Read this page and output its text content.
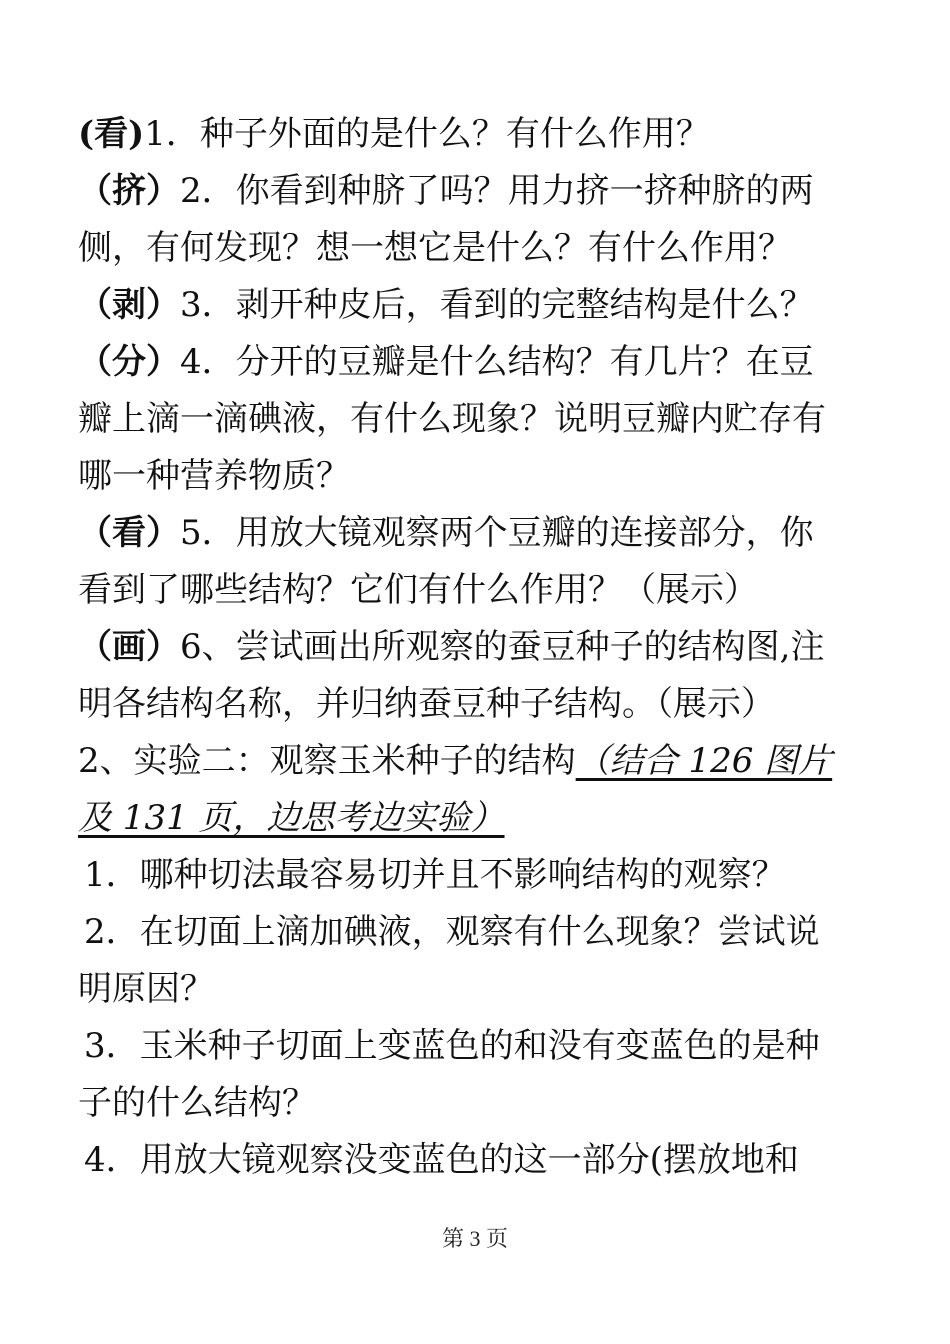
(看)1．种子外面的是什么？有什么作用？
（挤）2．你看到种脐了吗？用力挤一挤种脐的两
侧，有何发现？想一想它是什么？有什么作用？
（剥）3．剥开种皮后，看到的完整结构是什么？
（分）4．分开的豆瓣是什么结构？有几片？在豆
瓣上滴一滴碘液，有什么现象？说明豆瓣内贮存有
哪一种营养物质？
（看）5．用放大镜观察两个豆瓣的连接部分，你
看到了哪些结构？它们有什么作用？（展示）
（画）6、尝试画出所观察的蚕豆种子的结构图,注
明各结构名称，并归纳蚕豆种子结构。（展示）
2、实验二：观察玉米种子的结构（结合 126 图片
及 131 页，边思考边实验）
1．哪种切法最容易切并且不影响结构的观察？
2．在切面上滴加碘液，观察有什么现象？尝试说
明原因？
3．玉米种子切面上变蓝色的和没有变蓝色的是种
子的什么结构？
4．用放大镜观察没变蓝色的这一部分(摆放地和
第 3 页
